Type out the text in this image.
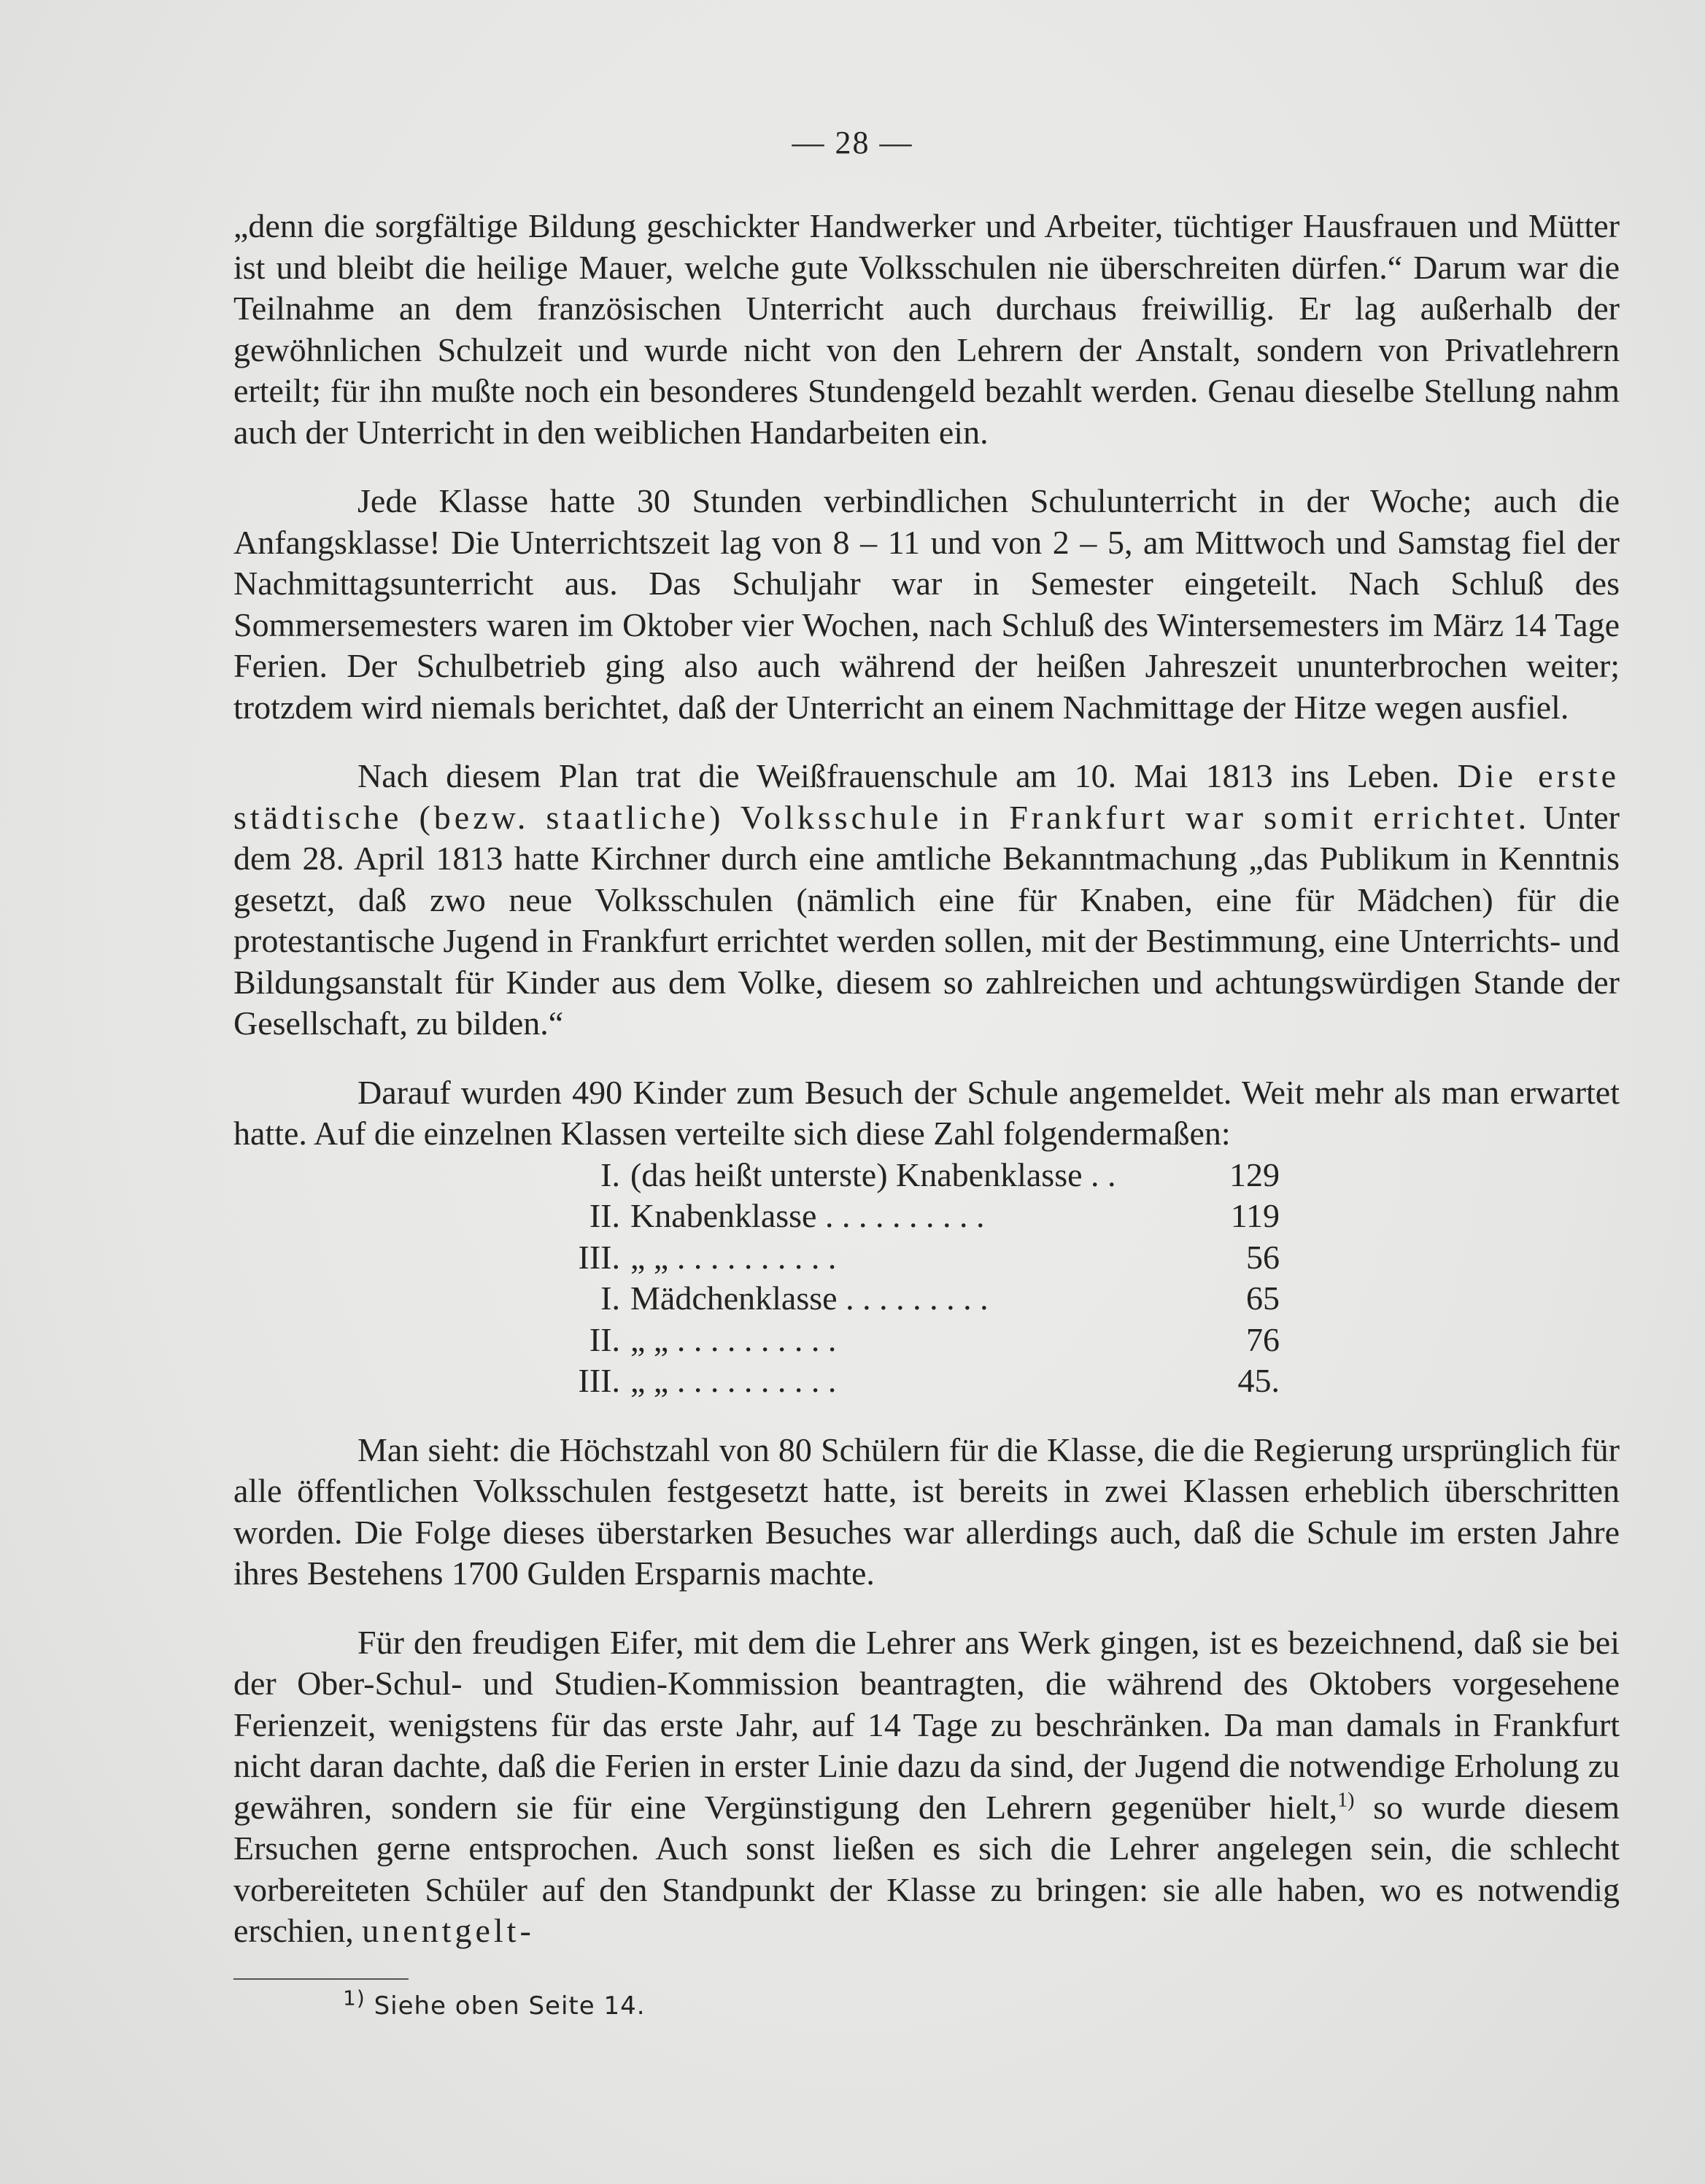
— 28 —

„denn die sorgfältige Bildung geschickter Handwerker und Arbeiter, tüchtiger Hausfrauen und Mütter ist und bleibt die heilige Mauer, welche gute Volksschulen nie überschreiten dürfen.“ Darum war die Teilnahme an dem französischen Unterricht auch durchaus freiwillig. Er lag außerhalb der gewöhnlichen Schulzeit und wurde nicht von den Lehrern der Anstalt, sondern von Privatlehrern erteilt; für ihn mußte noch ein besonderes Stundengeld bezahlt werden. Genau dieselbe Stellung nahm auch der Unterricht in den weiblichen Handarbeiten ein.

Jede Klasse hatte 30 Stunden verbindlichen Schulunterricht in der Woche; auch die Anfangsklasse! Die Unterrichtszeit lag von 8 – 11 und von 2 – 5, am Mittwoch und Samstag fiel der Nachmittagsunterricht aus. Das Schuljahr war in Semester eingeteilt. Nach Schluß des Sommersemesters waren im Oktober vier Wochen, nach Schluß des Wintersemesters im März 14 Tage Ferien. Der Schulbetrieb ging also auch während der heißen Jahreszeit ununterbrochen weiter; trotzdem wird niemals berichtet, daß der Unterricht an einem Nachmittage der Hitze wegen ausfiel.

Nach diesem Plan trat die Weißfrauenschule am 10. Mai 1813 ins Leben. Die erste städtische (bezw. staatliche) Volksschule in Frankfurt war somit errichtet. Unter dem 28. April 1813 hatte Kirchner durch eine amtliche Bekanntmachung „das Publikum in Kenntnis gesetzt, daß zwo neue Volksschulen (nämlich eine für Knaben, eine für Mädchen) für die protestantische Jugend in Frankfurt errichtet werden sollen, mit der Bestimmung, eine Unterrichts- und Bildungsanstalt für Kinder aus dem Volke, diesem so zahlreichen und achtungswürdigen Stande der Gesellschaft, zu bilden.“

Darauf wurden 490 Kinder zum Besuch der Schule angemeldet. Weit mehr als man erwartet hatte. Auf die einzelnen Klassen verteilte sich diese Zahl folgendermaßen:

I.	(das heißt unterste) Knabenklasse . .	129
II.	Knabenklasse . . . . . . . . . .	119
III.	„ „ . . . . . . . . . .	56
I.	Mädchenklasse . . . . . . . . .	65
II.	„ „ . . . . . . . . . .	76
III.	„ „ . . . . . . . . . .	45.

Man sieht: die Höchstzahl von 80 Schülern für die Klasse, die die Regierung ursprünglich für alle öffentlichen Volksschulen festgesetzt hatte, ist bereits in zwei Klassen erheblich überschritten worden. Die Folge dieses überstarken Besuches war allerdings auch, daß die Schule im ersten Jahre ihres Bestehens 1700 Gulden Ersparnis machte.

Für den freudigen Eifer, mit dem die Lehrer ans Werk gingen, ist es bezeichnend, daß sie bei der Ober-Schul- und Studien-Kommission beantragten, die während des Oktobers vorgesehene Ferienzeit, wenigstens für das erste Jahr, auf 14 Tage zu beschränken. Da man damals in Frankfurt nicht daran dachte, daß die Ferien in erster Linie dazu da sind, der Jugend die notwendige Erholung zu gewähren, sondern sie für eine Vergünstigung den Lehrern gegenüber hielt,$^{1)}$ so wurde diesem Ersuchen gerne entsprochen. Auch sonst ließen es sich die Lehrer angelegen sein, die schlecht vorbereiteten Schüler auf den Standpunkt der Klasse zu bringen: sie alle haben, wo es notwendig erschien, unentgelt-

$^{1)}$ Siehe oben Seite 14.
